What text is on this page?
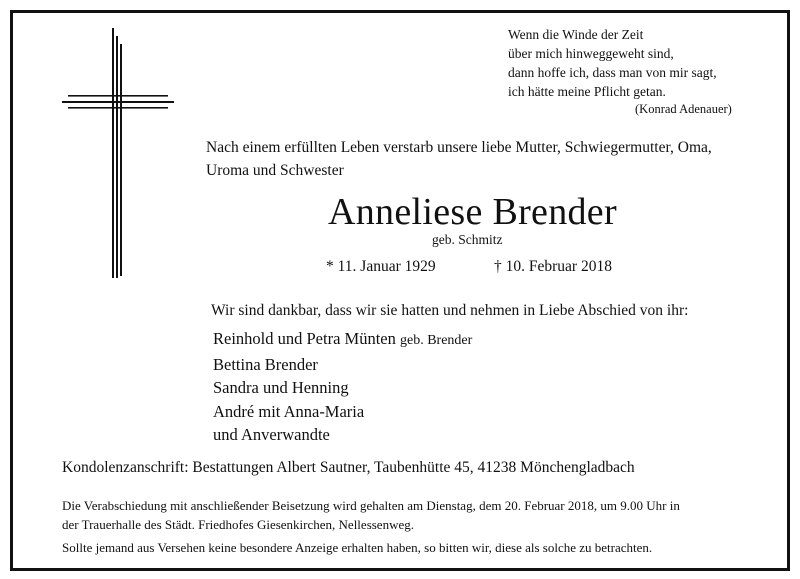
Wenn die Winde der Zeit
über mich hinweggeweht sind,
dann hoffe ich, dass man von mir sagt,
ich hätte meine Pflicht getan.
(Konrad Adenauer)
Nach einem erfüllten Leben verstarb unsere liebe Mutter, Schwiegermutter, Oma,
Uroma und Schwester
Anneliese Brender
geb. Schmitz
* 11. Januar 1929	† 10. Februar 2018
Wir sind dankbar, dass wir sie hatten und nehmen in Liebe Abschied von ihr:
Reinhold und Petra Münten geb. Brender
Bettina Brender
Sandra und Henning
André mit Anna-Maria
und Anverwandte
Kondolenzanschrift: Bestattungen Albert Sautner, Taubenhütte 45, 41238 Mönchengladbach
Die Verabschiedung mit anschließender Beisetzung wird gehalten am Dienstag, dem 20. Februar 2018, um 9.00 Uhr in
der Trauerhalle des Städt. Friedhofes Giesenkirchen, Nellessenweg.
Sollte jemand aus Versehen keine besondere Anzeige erhalten haben, so bitten wir, diese als solche zu betrachten.
